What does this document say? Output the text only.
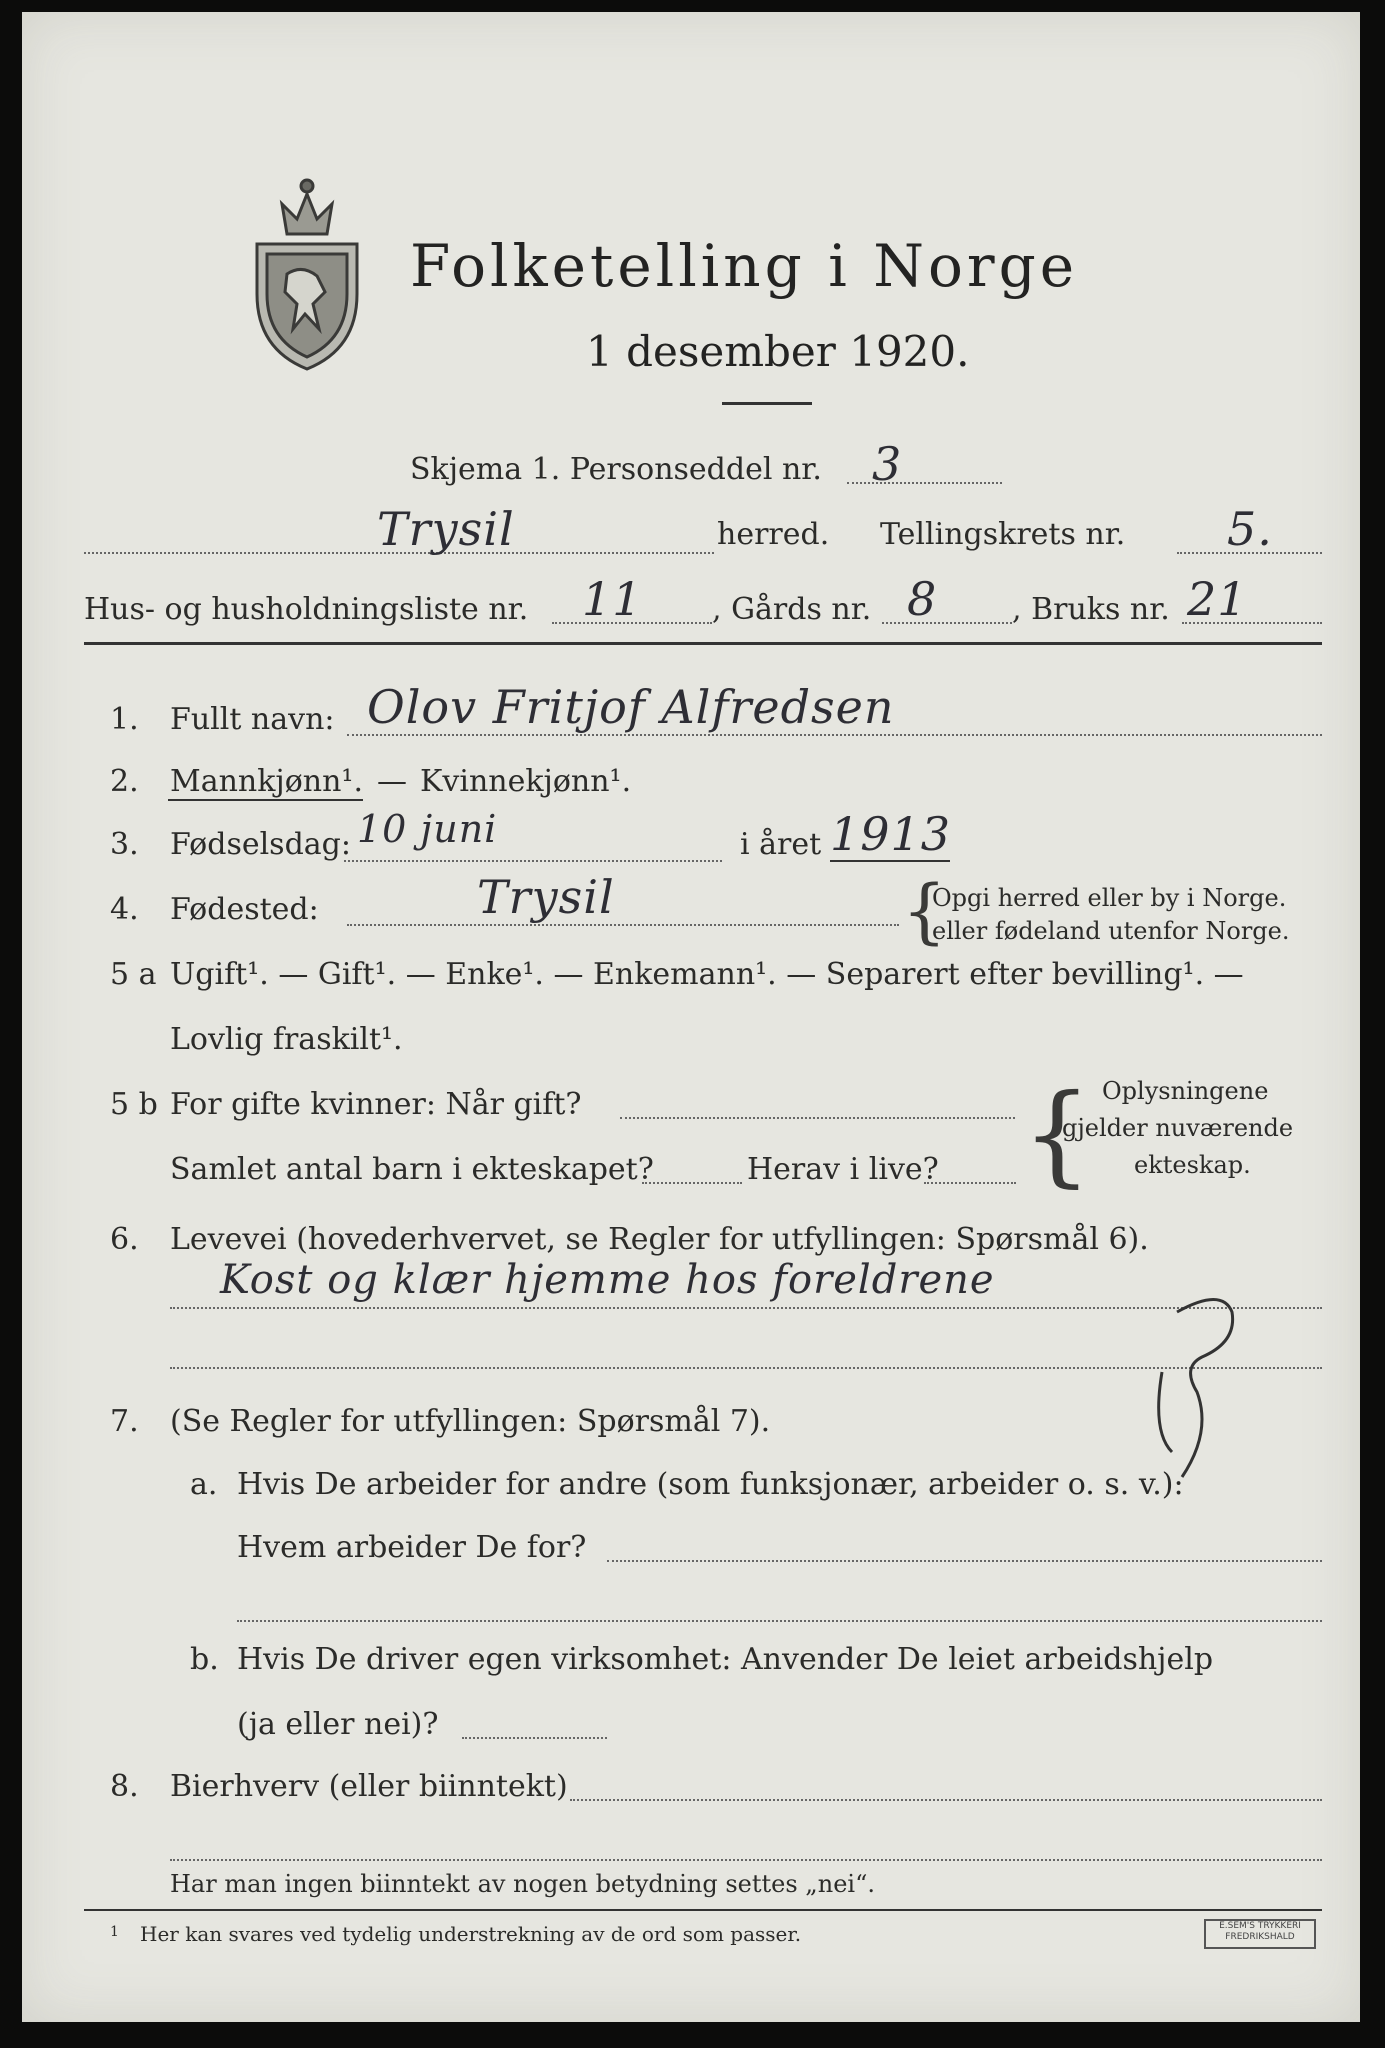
Folketelling i Norge
1 desember 1920.
Skjema 1. Personseddel nr. 3
Trysil	herred. Tellingskrets nr. 5.
Hus- og husholdningsliste nr. 11 , Gårds nr. 8 , Bruks nr. 21
1. Fullt navn: Olov Fritjof Alfredsen
2. Mannkjønn¹. — Kvinnekjønn¹.
3. Fødselsdag: 10 juni	i året 1913
4. Fødested:	Trysil	{
Opgi herred eller by i Norge.
eller fødeland utenfor Norge.
5 a Ugift¹. — Gift¹. — Enke¹. — Enkemann¹. — Separert efter bevilling¹. —
Lovlig fraskilt¹.
5 b For gifte kvinner: Når gift?
Samlet antal barn i ekteskapet?	Herav i live? { Oplysningene
gjelder nuværende
ekteskap.
6. Levevei (hovederhvervet, se Regler for utfyllingen: Spørsmål 6).
Kost og klær hjemme hos foreldrene
7. (Se Regler for utfyllingen: Spørsmål 7).
a. Hvis De arbeider for andre (som funksjonær, arbeider o. s. v.):
Hvem arbeider De for?
b. Hvis De driver egen virksomhet: Anvender De leiet arbeidshjelp
(ja eller nei)?
8. Bierhverv (eller biinntekt)
Har man ingen biinntekt av nogen betydning settes „nei“.
1 Her kan svares ved tydelig understrekning av de ord som passer.	E.SEM'S TRYKKERI FREDRIKSHALD
